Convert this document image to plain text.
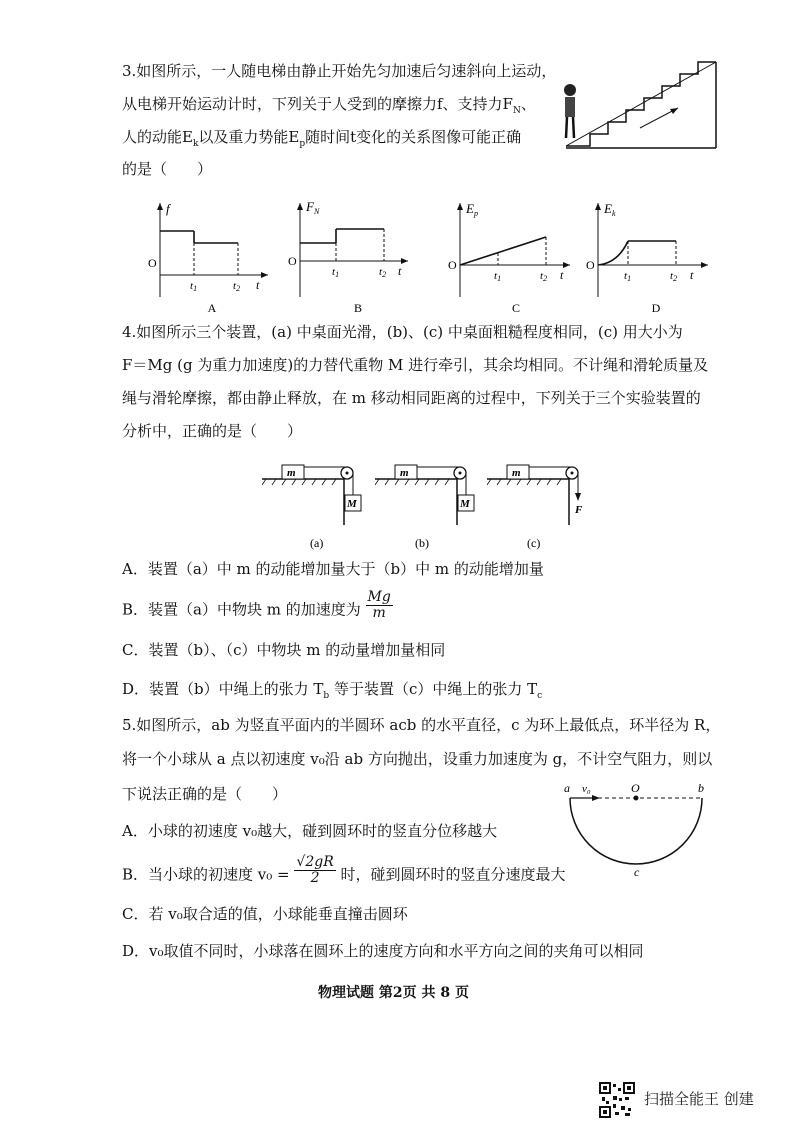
3.如图所示，一人随电梯由静止开始先匀加速后匀速斜向上运动，
从电梯开始运动计时，下列关于人受到的摩擦力f、支持力$F_N$、
人的动能$E_k$以及重力势能$E_p$随时间t变化的关系图像可能正确
的是（　　）
f
O
t1	t2 t
A
$F_N$
O
t1	t2 t
B
$E_p$
O
t1	t2 t
C
$E_k$
O
t1	t2 t
D
4.如图所示三个装置，(a) 中桌面光滑，(b)、(c) 中桌面粗糙程度相同，(c) 用大小为
F＝Mg (g 为重力加速度)的力替代重物 M 进行牵引，其余均相同。不计绳和滑轮质量及
绳与滑轮摩擦，都由静止释放，在 m 移动相同距离的过程中，下列关于三个实验装置的
分析中，正确的是（　　）
m
M
(a)
m
M
(b)
m
F
(c)
A．装置（a）中 m 的动能增加量大于（b）中 m 的动能增加量
B．装置（a）中物块 m 的加速度为 $\frac{Mg}{m}$
C．装置（b）、（c）中物块 m 的动量增加量相同
D．装置（b）中绳上的张力 $T_b$ 等于装置（c）中绳上的张力 $T_c$
5.如图所示，ab 为竖直平面内的半圆环 acb 的水平直径，c 为环上最低点，环半径为 R，
将一个小球从 a 点以初速度 v₀沿 ab 方向抛出，设重力加速度为 g，不计空气阻力，则以
下说法正确的是（　　）	a v₀	O	b
c
A．小球的初速度 v₀越大，碰到圆环时的竖直分位移越大
B．当小球的初速度 $v_0 = \frac{√2gR}{2}$ 时，碰到圆环时的竖直分速度最大
C．若 v₀取合适的值，小球能垂直撞击圆环
D．v₀取值不同时，小球落在圆环上的速度方向和水平方向之间的夹角可以相同
物理试题 第2页 共 8 页
扫描全能王 创建
